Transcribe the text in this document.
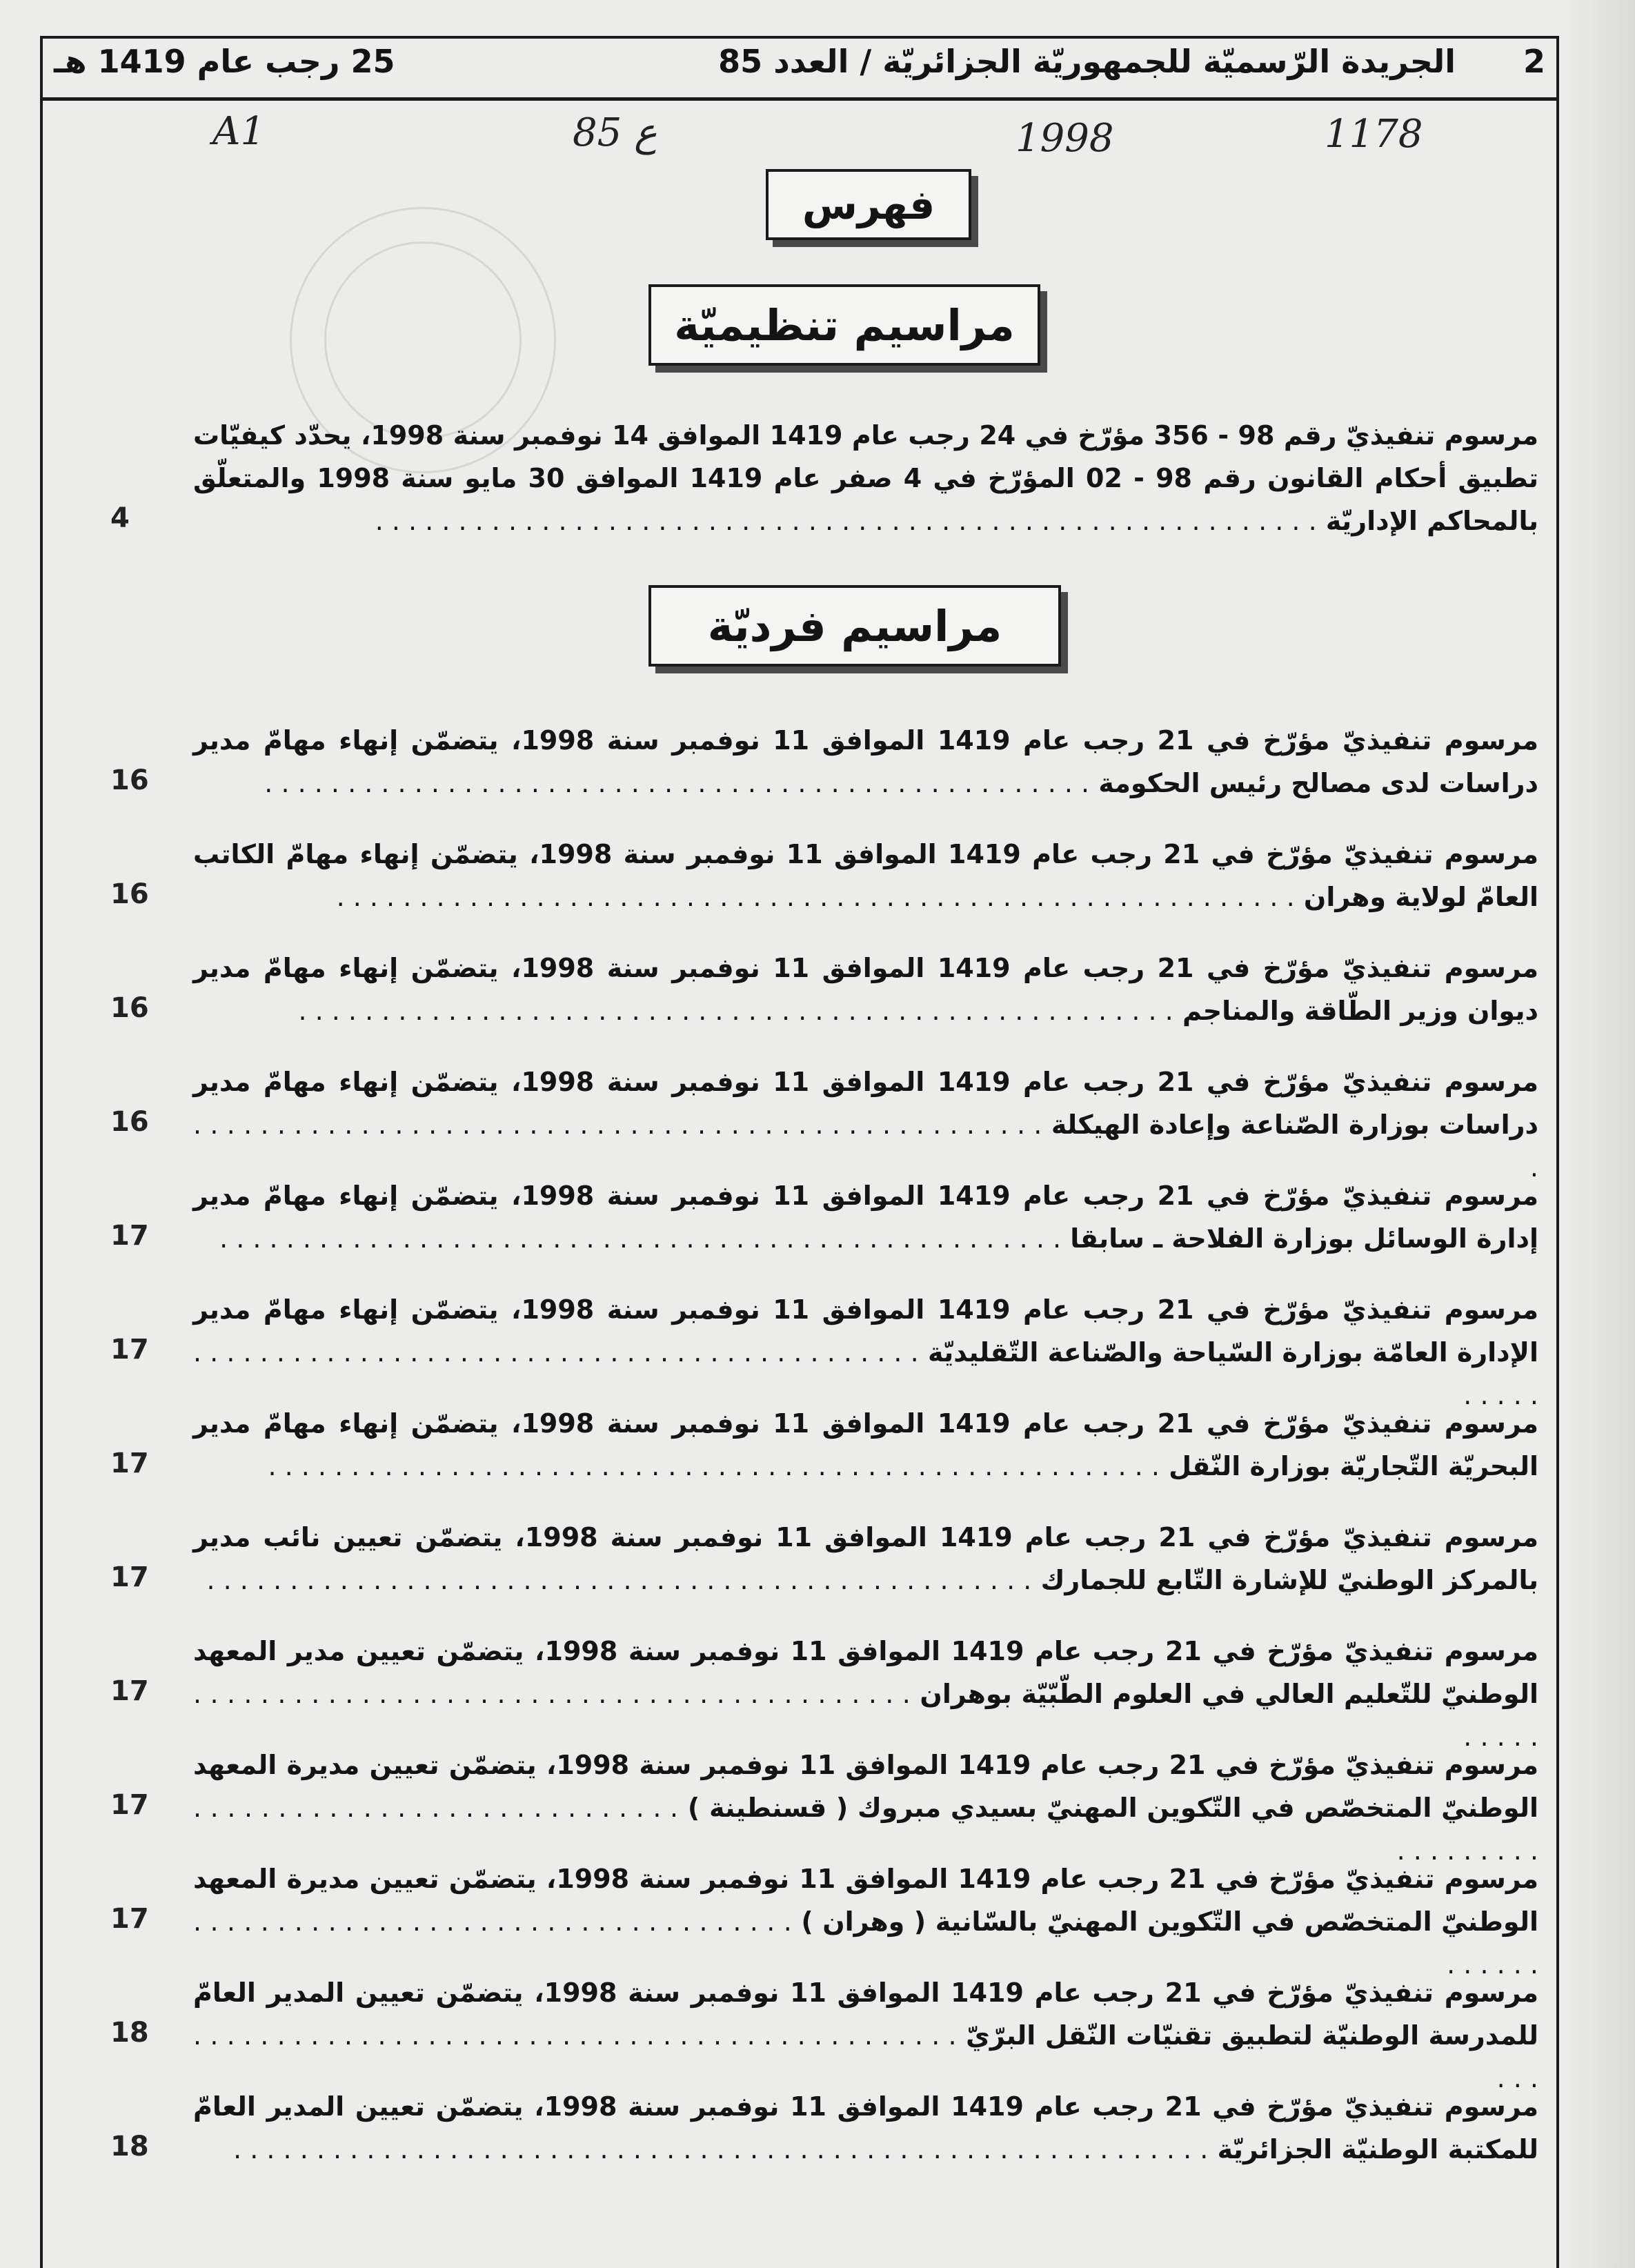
2
الجريدة الرّسميّة للجمهوريّة الجزائريّة / العدد 85
25 رجب عام 1419 هـ
A1	ع 85	1998	1178
فهرس
مراسيم تنظيميّة
مرسوم تنفيذيّ رقم 98 - 356 مؤرّخ في 24 رجب عام 1419 الموافق 14 نوفمبر سنة 1998، يحدّد كيفيّات تطبيق أحكام القانون رقم 98 - 02 المؤرّخ في 4 صفر عام 1419 الموافق 30 مايو سنة 1998 والمتعلّق بالمحاكم الإداريّة . . . . . . . . . . . . . . . . . . . . . . . . . . . . . . . . . . . . . . . . . . . . . . . . . . . . . . . . .
4
مراسيم فرديّة
مرسوم تنفيذيّ مؤرّخ في 21 رجب عام 1419 الموافق 11 نوفمبر سنة 1998، يتضمّن إنهاء مهامّ مدير دراسات لدى مصالح رئيس الحكومة . . . . . . . . . . . . . . . . . . . . . . . . . . . . . . . . . . . . . . . . . . . . . . . . . .
16
مرسوم تنفيذيّ مؤرّخ في 21 رجب عام 1419 الموافق 11 نوفمبر سنة 1998، يتضمّن إنهاء مهامّ الكاتب العامّ لولاية وهران . . . . . . . . . . . . . . . . . . . . . . . . . . . . . . . . . . . . . . . . . . . . . . . . . . . . . . . . . .
16
مرسوم تنفيذيّ مؤرّخ في 21 رجب عام 1419 الموافق 11 نوفمبر سنة 1998، يتضمّن إنهاء مهامّ مدير ديوان وزير الطّاقة والمناجم . . . . . . . . . . . . . . . . . . . . . . . . . . . . . . . . . . . . . . . . . . . . . . . . . . . . .
16
مرسوم تنفيذيّ مؤرّخ في 21 رجب عام 1419 الموافق 11 نوفمبر سنة 1998، يتضمّن إنهاء مهامّ مدير دراسات بوزارة الصّناعة وإعادة الهيكلة . . . . . . . . . . . . . . . . . . . . . . . . . . . . . . . . . . . . . . . . . . . . . . . . . . . .
16
مرسوم تنفيذيّ مؤرّخ في 21 رجب عام 1419 الموافق 11 نوفمبر سنة 1998، يتضمّن إنهاء مهامّ مدير إدارة الوسائل بوزارة الفلاحة ـ سابقا . . . . . . . . . . . . . . . . . . . . . . . . . . . . . . . . . . . . . . . . . . . . . . . . . . .
17
مرسوم تنفيذيّ مؤرّخ في 21 رجب عام 1419 الموافق 11 نوفمبر سنة 1998، يتضمّن إنهاء مهامّ مدير الإدارة العامّة بوزارة السّياحة والصّناعة التّقليديّة . . . . . . . . . . . . . . . . . . . . . . . . . . . . . . . . . . . . . . . . . . . . . . . . .
17
مرسوم تنفيذيّ مؤرّخ في 21 رجب عام 1419 الموافق 11 نوفمبر سنة 1998، يتضمّن إنهاء مهامّ مدير البحريّة التّجاريّة بوزارة النّقل . . . . . . . . . . . . . . . . . . . . . . . . . . . . . . . . . . . . . . . . . . . . . . . . . . . . . .
17
مرسوم تنفيذيّ مؤرّخ في 21 رجب عام 1419 الموافق 11 نوفمبر سنة 1998، يتضمّن تعيين نائب مدير بالمركز الوطنيّ للإشارة التّابع للجمارك . . . . . . . . . . . . . . . . . . . . . . . . . . . . . . . . . . . . . . . . . . . . . . . . . .
17
مرسوم تنفيذيّ مؤرّخ في 21 رجب عام 1419 الموافق 11 نوفمبر سنة 1998، يتضمّن تعيين مدير المعهد الوطنيّ للتّعليم العالي في العلوم الطّبّيّة بوهران . . . . . . . . . . . . . . . . . . . . . . . . . . . . . . . . . . . . . . . . . . . . . . . .
17
مرسوم تنفيذيّ مؤرّخ في 21 رجب عام 1419 الموافق 11 نوفمبر سنة 1998، يتضمّن تعيين مديرة المعهد الوطنيّ المتخصّص في التّكوين المهنيّ بسيدي مبروك ( قسنطينة ) . . . . . . . . . . . . . . . . . . . . . . . . . . . . . . . . . . . . . .
17
مرسوم تنفيذيّ مؤرّخ في 21 رجب عام 1419 الموافق 11 نوفمبر سنة 1998، يتضمّن تعيين مديرة المعهد الوطنيّ المتخصّص في التّكوين المهنيّ بالسّانية ( وهران ) . . . . . . . . . . . . . . . . . . . . . . . . . . . . . . . . . . . . . . . . . .
17
مرسوم تنفيذيّ مؤرّخ في 21 رجب عام 1419 الموافق 11 نوفمبر سنة 1998، يتضمّن تعيين المدير العامّ للمدرسة الوطنيّة لتطبيق تقنيّات النّقل البرّيّ . . . . . . . . . . . . . . . . . . . . . . . . . . . . . . . . . . . . . . . . . . . . . . . . .
18
مرسوم تنفيذيّ مؤرّخ في 21 رجب عام 1419 الموافق 11 نوفمبر سنة 1998، يتضمّن تعيين المدير العامّ للمكتبة الوطنيّة الجزائريّة . . . . . . . . . . . . . . . . . . . . . . . . . . . . . . . . . . . . . . . . . . . . . . . . . . . . . . . . . . .
18
